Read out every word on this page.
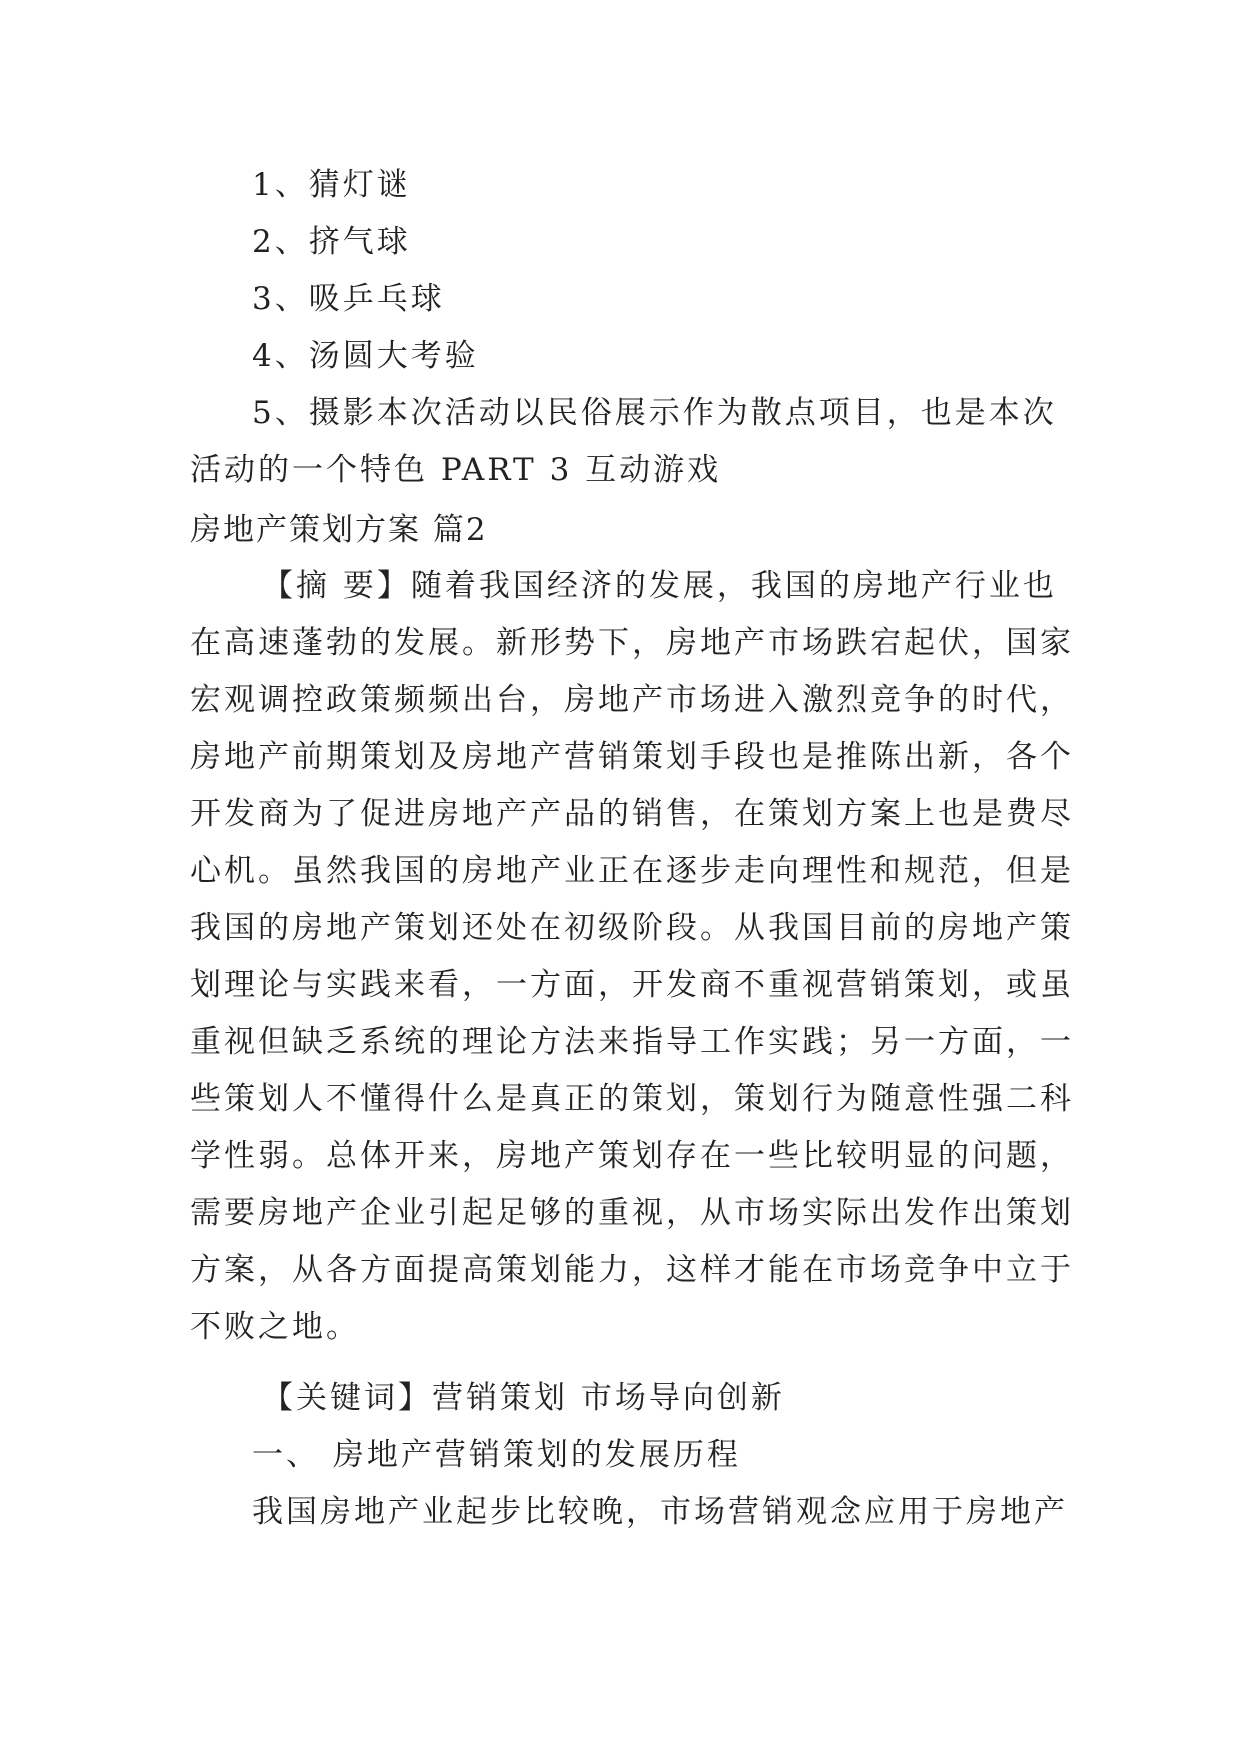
1、猜灯谜
2、挤气球
3、吸乒乓球
4、汤圆大考验
5、摄影本次活动以民俗展示作为散点项目，也是本次
活动的一个特色 PART 3 互动游戏
房地产策划方案 篇2
【摘 要】随着我国经济的发展，我国的房地产行业也
在高速蓬勃的发展。新形势下，房地产市场跌宕起伏，国家
宏观调控政策频频出台，房地产市场进入激烈竞争的时代，
房地产前期策划及房地产营销策划手段也是推陈出新，各个
开发商为了促进房地产产品的销售，在策划方案上也是费尽
心机。虽然我国的房地产业正在逐步走向理性和规范，但是
我国的房地产策划还处在初级阶段。从我国目前的房地产策
划理论与实践来看，一方面，开发商不重视营销策划，或虽
重视但缺乏系统的理论方法来指导工作实践；另一方面，一
些策划人不懂得什么是真正的策划，策划行为随意性强二科
学性弱。总体开来，房地产策划存在一些比较明显的问题，
需要房地产企业引起足够的重视，从市场实际出发作出策划
方案，从各方面提高策划能力，这样才能在市场竞争中立于
不败之地。
【关键词】营销策划 市场导向创新
一、 房地产营销策划的发展历程
我国房地产业起步比较晚，市场营销观念应用于房地产
